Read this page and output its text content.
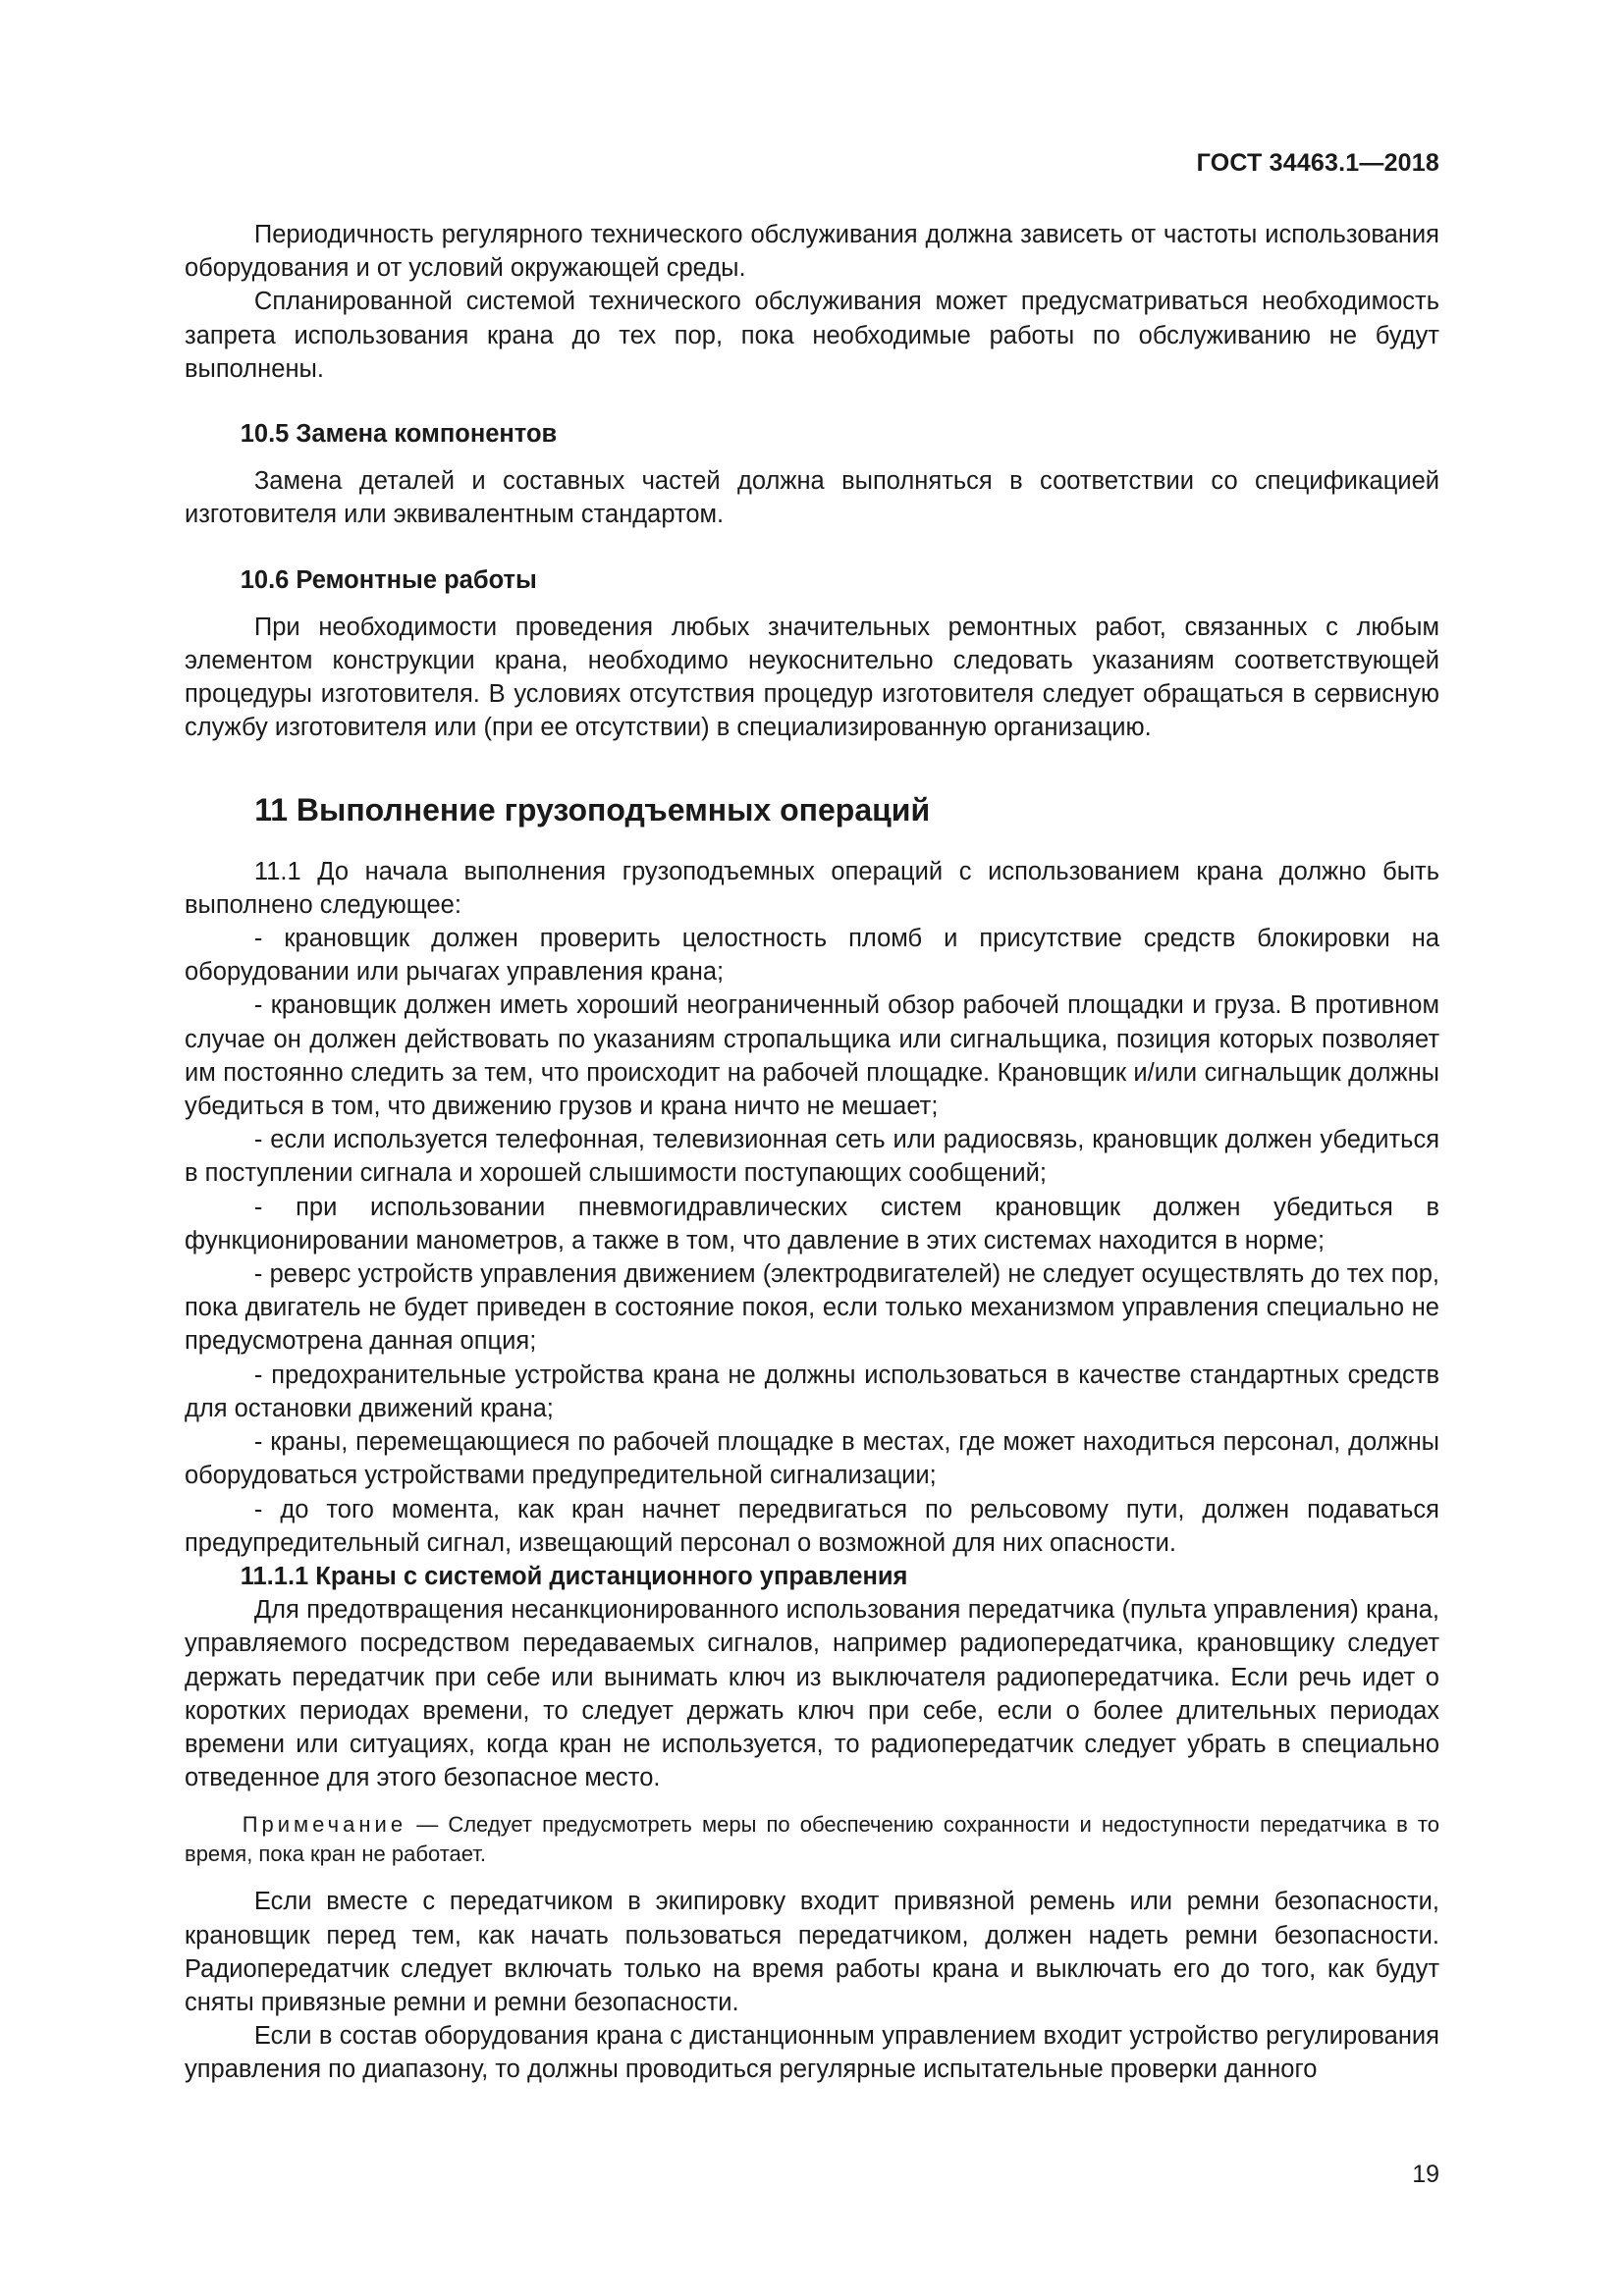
ГОСТ 34463.1—2018

Периодичность регулярного технического обслуживания должна зависеть от частоты использования оборудования и от условий окружающей среды.

Спланированной системой технического обслуживания может предусматриваться необходимость запрета использования крана до тех пор, пока необходимые работы по обслуживанию не будут выполнены.

10.5 Замена компонентов

Замена деталей и составных частей должна выполняться в соответствии со спецификацией изготовителя или эквивалентным стандартом.

10.6 Ремонтные работы

При необходимости проведения любых значительных ремонтных работ, связанных с любым элементом конструкции крана, необходимо неукоснительно следовать указаниям соответствующей процедуры изготовителя. В условиях отсутствия процедур изготовителя следует обращаться в сервисную службу изготовителя или (при ее отсутствии) в специализированную организацию.

11 Выполнение грузоподъемных операций

11.1 До начала выполнения грузоподъемных операций с использованием крана должно быть выполнено следующее:

- крановщик должен проверить целостность пломб и присутствие средств блокировки на оборудовании или рычагах управления крана;

- крановщик должен иметь хороший неограниченный обзор рабочей площадки и груза. В противном случае он должен действовать по указаниям стропальщика или сигнальщика, позиция которых позволяет им постоянно следить за тем, что происходит на рабочей площадке. Крановщик и/или сигнальщик должны убедиться в том, что движению грузов и крана ничто не мешает;

- если используется телефонная, телевизионная сеть или радиосвязь, крановщик должен убедиться в поступлении сигнала и хорошей слышимости поступающих сообщений;

- при использовании пневмогидравлических систем крановщик должен убедиться в функционировании манометров, а также в том, что давление в этих системах находится в норме;

- реверс устройств управления движением (электродвигателей) не следует осуществлять до тех пор, пока двигатель не будет приведен в состояние покоя, если только механизмом управления специально не предусмотрена данная опция;

- предохранительные устройства крана не должны использоваться в качестве стандартных средств для остановки движений крана;

- краны, перемещающиеся по рабочей площадке в местах, где может находиться персонал, должны оборудоваться устройствами предупредительной сигнализации;

- до того момента, как кран начнет передвигаться по рельсовому пути, должен подаваться предупредительный сигнал, извещающий персонал о возможной для них опасности.

11.1.1 Краны с системой дистанционного управления

Для предотвращения несанкционированного использования передатчика (пульта управления) крана, управляемого посредством передаваемых сигналов, например радиопередатчика, крановщику следует держать передатчик при себе или вынимать ключ из выключателя радиопередатчика. Если речь идет о коротких периодах времени, то следует держать ключ при себе, если о более длительных периодах времени или ситуациях, когда кран не используется, то радиопередатчик следует убрать в специально отведенное для этого безопасное место.

Примечание — Следует предусмотреть меры по обеспечению сохранности и недоступности передатчика в то время, пока кран не работает.

Если вместе с передатчиком в экипировку входит привязной ремень или ремни безопасности, крановщик перед тем, как начать пользоваться передатчиком, должен надеть ремни безопасности. Радиопередатчик следует включать только на время работы крана и выключать его до того, как будут сняты привязные ремни и ремни безопасности.

Если в состав оборудования крана с дистанционным управлением входит устройство регулирования управления по диапазону, то должны проводиться регулярные испытательные проверки данного

19
